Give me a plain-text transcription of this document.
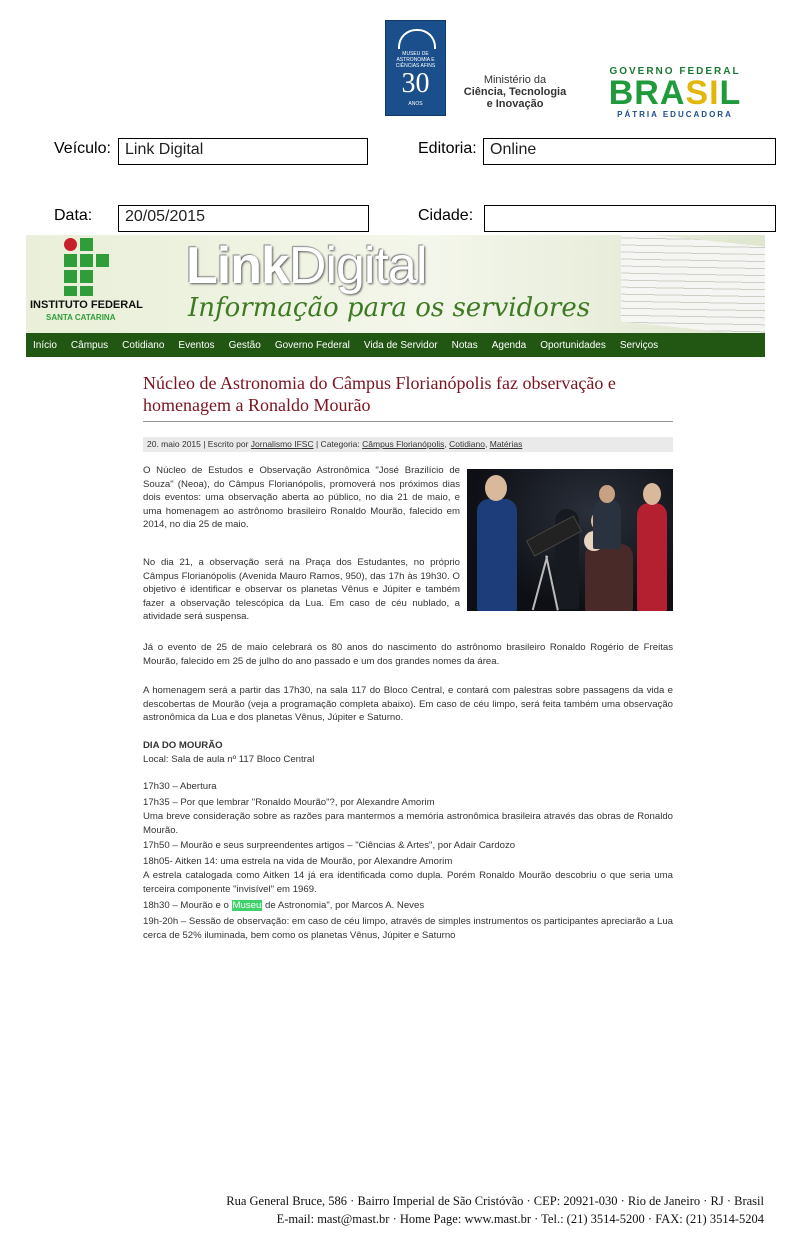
MUSEU DE ASTRONOMIA E CIÊNCIAS AFINS
30
ANOS
Ministério da
Ciência, Tecnologia
e Inovação
GOVERNO FEDERAL
BRASIL
PÁTRIA EDUCADORA
Veículo: Link Digital	Editoria: Online
Data:	20/05/2015	Cidade:
INSTITUTO FEDERAL
SANTA CATARINA
LinkDigital
Informação para os servidores
Início	Câmpus	Cotidiano	Eventos	Gestão	Governo Federal	Vida de Servidor	Notas	Agenda	Oportunidades	Serviços
Núcleo de Astronomia do Câmpus Florianópolis faz observação e homenagem a Ronaldo Mourão
20. maio 2015 | Escrito por Jornalismo IFSC | Categoria: Câmpus Florianópolis, Cotidiano, Matérias
O Núcleo de Estudos e Observação Astronômica "José Brazilício de Souza" (Neoa), do Câmpus Florianópolis, promoverá nos próximos dias dois eventos: uma observação aberta ao público, no dia 21 de maio, e uma homenagem ao astrônomo brasileiro Ronaldo Mourão, falecido em 2014, no dia 25 de maio.
No dia 21, a observação será na Praça dos Estudantes, no próprio Câmpus Florianópolis (Avenida Mauro Ramos, 950), das 17h às 19h30. O objetivo é identificar e observar os planetas Vênus e Júpiter e também fazer a observação telescópica da Lua. Em caso de céu nublado, a atividade será suspensa.
Já o evento de 25 de maio celebrará os 80 anos do nascimento do astrônomo brasileiro Ronaldo Rogério de Freitas Mourão, falecido em 25 de julho do ano passado e um dos grandes nomes da área.
A homenagem será a partir das 17h30, na sala 117 do Bloco Central, e contará com palestras sobre passagens da vida e descobertas de Mourão (veja a programação completa abaixo). Em caso de céu limpo, será feita também uma observação astronômica da Lua e dos planetas Vênus, Júpiter e Saturno.
DIA DO MOURÃO
Local: Sala de aula nº 117 Bloco Central
17h30 – Abertura
17h35 – Por que lembrar "Ronaldo Mourão"?, por Alexandre Amorim
Uma breve consideração sobre as razões para mantermos a memória astronômica brasileira através das obras de Ronaldo Mourão.
17h50 – Mourão e seus surpreendentes artigos – "Ciências & Artes", por Adair Cardozo
18h05- Aitken 14: uma estrela na vida de Mourão, por Alexandre Amorim
A estrela catalogada como Aitken 14 já era identificada como dupla. Porém Ronaldo Mourão descobriu o que seria uma terceira componente "invisível" em 1969.
18h30 – Mourão e o Museu de Astronomia", por Marcos A. Neves
19h-20h – Sessão de observação: em caso de céu limpo, através de simples instrumentos os participantes apreciarão a Lua cerca de 52% iluminada, bem como os planetas Vênus, Júpiter e Saturno
Rua General Bruce, 586 · Bairro Imperial de São Cristóvão · CEP: 20921-030 · Rio de Janeiro · RJ · Brasil
E-mail: mast@mast.br · Home Page: www.mast.br · Tel.: (21) 3514-5200 · FAX: (21) 3514-5204
